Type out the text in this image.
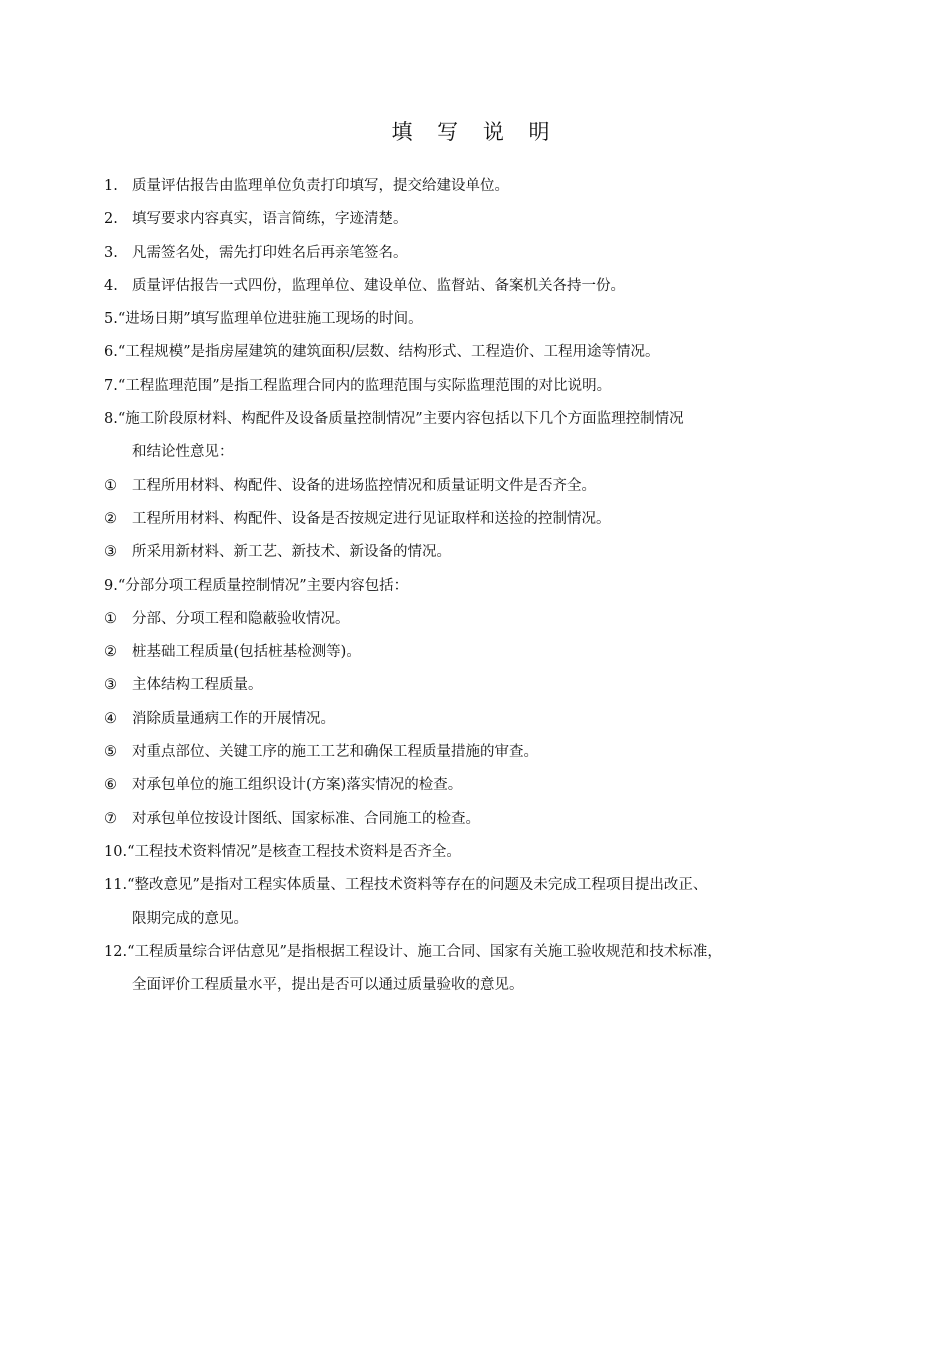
填 写 说 明
1. 质量评估报告由监理单位负责打印填写，提交给建设单位。
2. 填写要求内容真实，语言简练，字迹清楚。
3. 凡需签名处，需先打印姓名后再亲笔签名。
4. 质量评估报告一式四份，监理单位、建设单位、监督站、备案机关各持一份。
5. “进场日期”填写监理单位进驻施工现场的时间。
6. “工程规模”是指房屋建筑的建筑面积/层数、结构形式、工程造价、工程用途等情况。
7. “工程监理范围”是指工程监理合同内的监理范围与实际监理范围的对比说明。
8. “施工阶段原材料、构配件及设备质量控制情况”主要内容包括以下几个方面监理控制情况
和结论性意见：
①	工程所用材料、构配件、设备的进场监控情况和质量证明文件是否齐全。
②	工程所用材料、构配件、设备是否按规定进行见证取样和送捡的控制情况。
③	所采用新材料、新工艺、新技术、新设备的情况。
9. “分部分项工程质量控制情况”主要内容包括：
①	分部、分项工程和隐蔽验收情况。
②	桩基础工程质量(包括桩基检测等)。
③	主体结构工程质量。
④	消除质量通病工作的开展情况。
⑤	对重点部位、关键工序的施工工艺和确保工程质量措施的审查。
⑥	对承包单位的施工组织设计(方案)落实情况的检查。
⑦	对承包单位按设计图纸、国家标准、合同施工的检查。
10. “工程技术资料情况”是核查工程技术资料是否齐全。
11. “整改意见”是指对工程实体质量、工程技术资料等存在的问题及未完成工程项目提出改正、
限期完成的意见。
12. “工程质量综合评估意见”是指根据工程设计、施工合同、国家有关施工验收规范和技术标准，
全面评价工程质量水平，提出是否可以通过质量验收的意见。
